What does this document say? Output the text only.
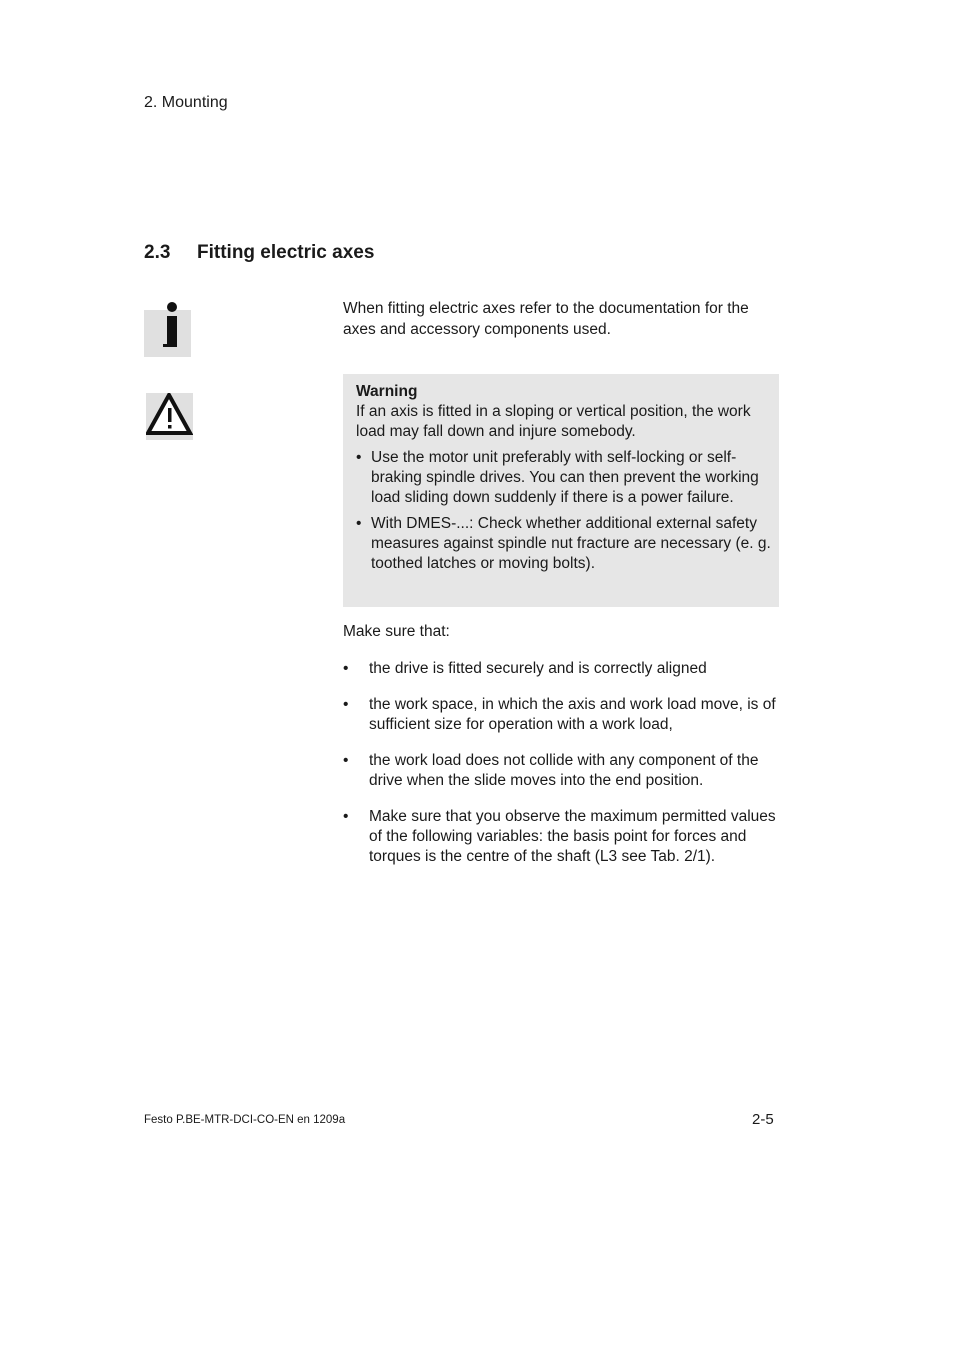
2. Mounting
2.3 Fitting electric axes
When fitting electric axes refer to the documentation for the axes and accessory components used.
Warning
If an axis is fitted in a sloping or vertical position, the work load may fall down and injure somebody.
• Use the motor unit preferably with self-locking or self-braking spindle drives. You can then prevent the working load sliding down suddenly if there is a power failure.
• With DMES-...: Check whether additional external safety measures against spindle nut fracture are necessary (e. g. toothed latches or moving bolts).
Make sure that:
• the drive is fitted securely and is correctly aligned
• the work space, in which the axis and work load move, is of sufficient size for operation with a work load,
• the work load does not collide with any component of the drive when the slide moves into the end position.
• Make sure that you observe the maximum permitted values of the following variables: the basis point for forces and torques is the centre of the shaft (L3 see Tab. 2/1).
Festo P.BE-MTR-DCI-CO-EN en 1209a	2-5
